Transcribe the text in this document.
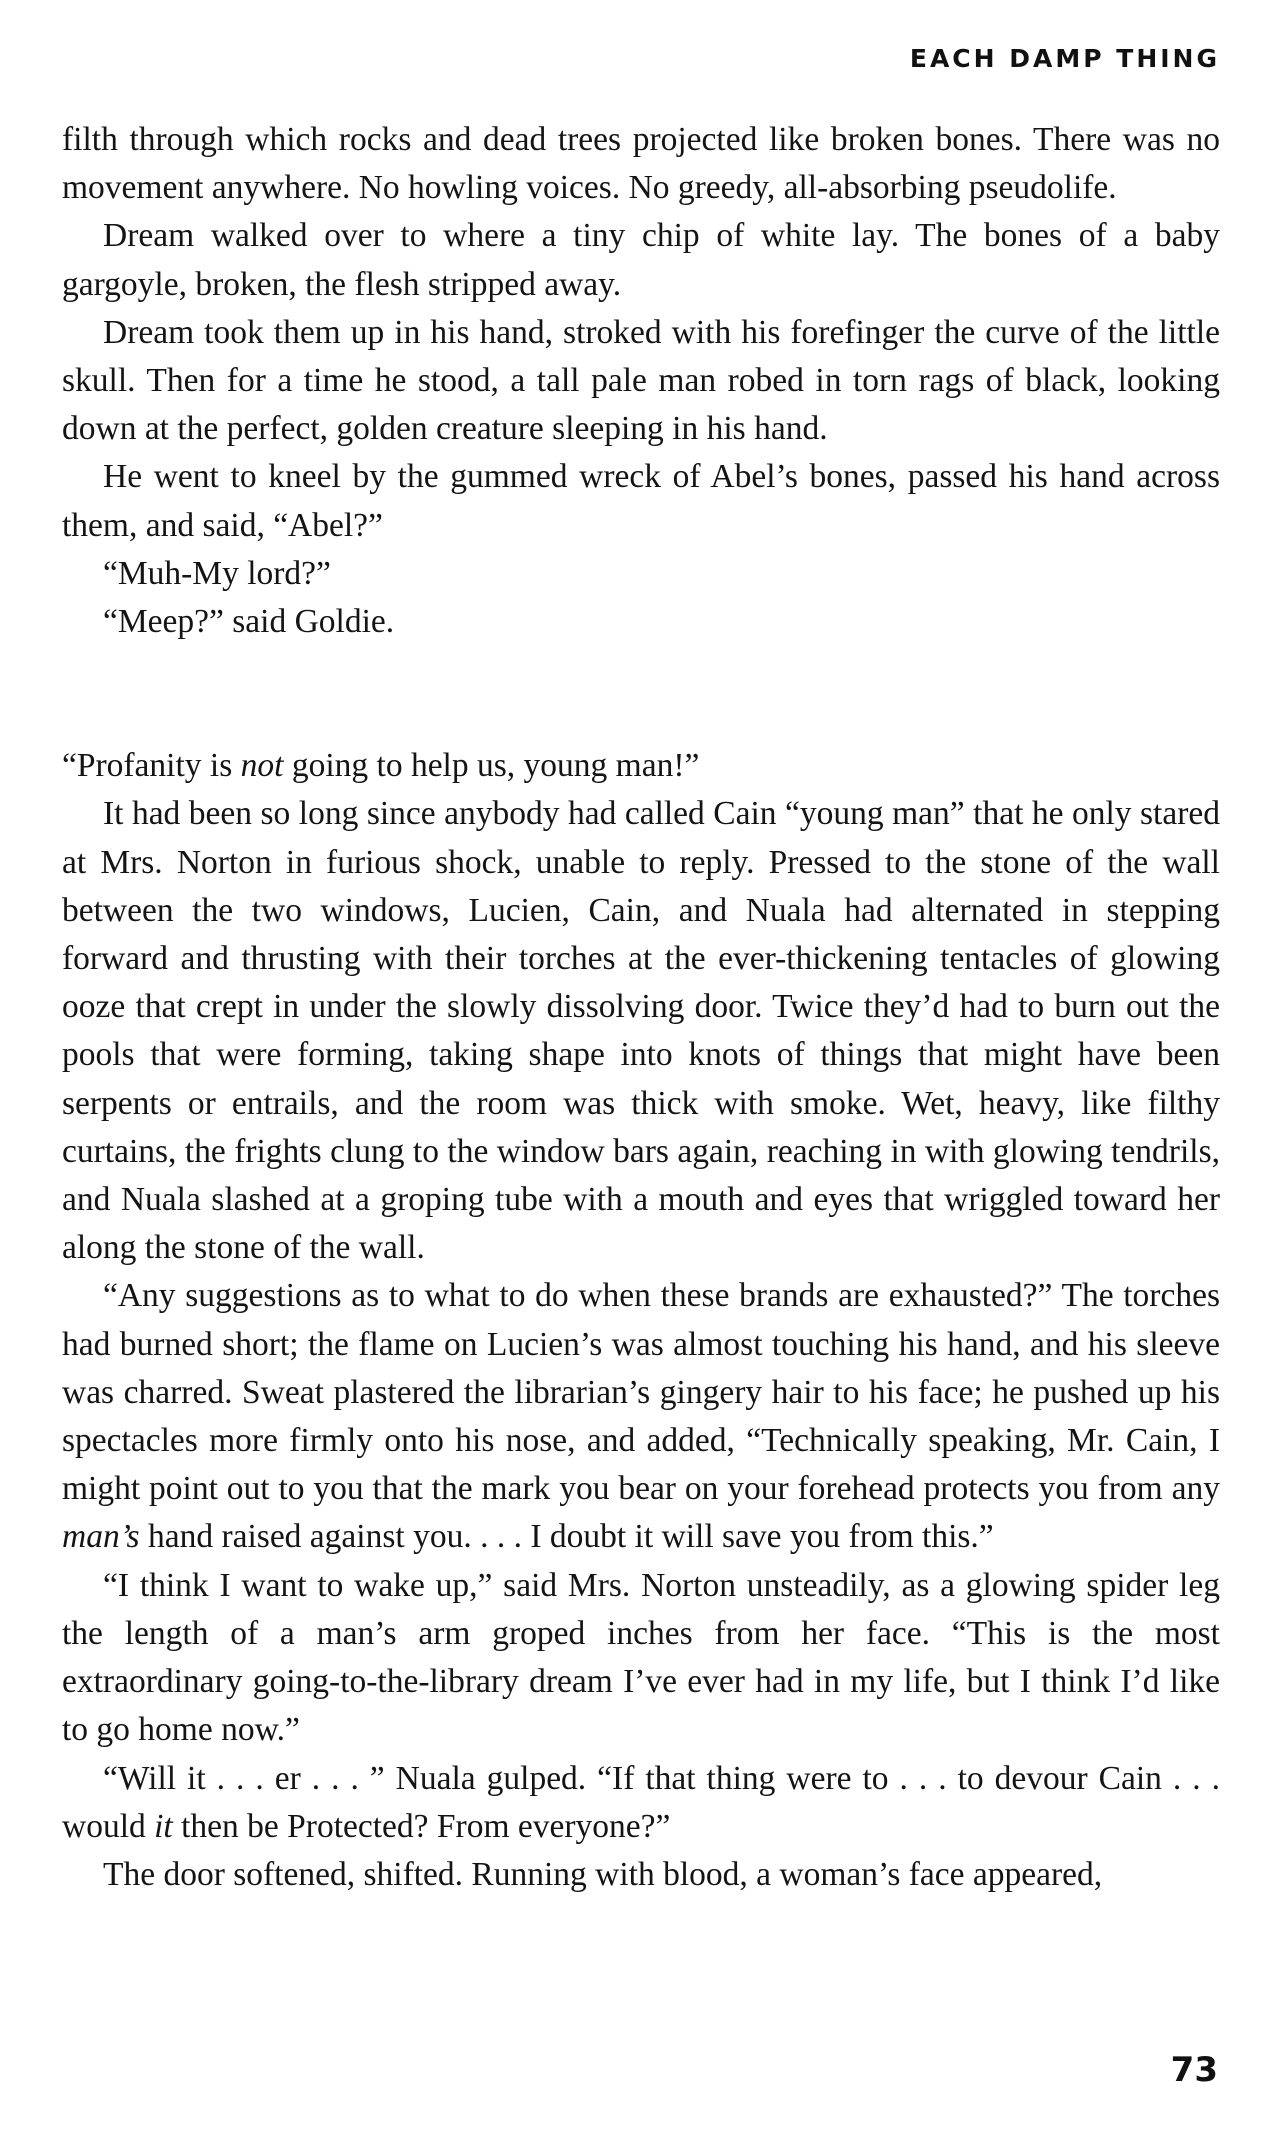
EACH DAMP THING

filth through which rocks and dead trees projected like broken bones. There was no movement anywhere. No howling voices. No greedy, all-absorbing pseudolife.

Dream walked over to where a tiny chip of white lay. The bones of a baby gargoyle, broken, the flesh stripped away.

Dream took them up in his hand, stroked with his forefinger the curve of the little skull. Then for a time he stood, a tall pale man robed in torn rags of black, looking down at the perfect, golden creature sleeping in his hand.

He went to kneel by the gummed wreck of Abel’s bones, passed his hand across them, and said, “Abel?”

“Muh-My lord?”

“Meep?” said Goldie.

“Profanity is not going to help us, young man!”

It had been so long since anybody had called Cain “young man” that he only stared at Mrs. Norton in furious shock, unable to reply. Pressed to the stone of the wall between the two windows, Lucien, Cain, and Nuala had alternated in stepping forward and thrusting with their torches at the ever-thickening tentacles of glowing ooze that crept in under the slowly dissolving door. Twice they’d had to burn out the pools that were forming, taking shape into knots of things that might have been serpents or entrails, and the room was thick with smoke. Wet, heavy, like filthy curtains, the frights clung to the window bars again, reaching in with glowing tendrils, and Nuala slashed at a groping tube with a mouth and eyes that wriggled toward her along the stone of the wall.

“Any suggestions as to what to do when these brands are exhausted?” The torches had burned short; the flame on Lucien’s was almost touching his hand, and his sleeve was charred. Sweat plastered the librarian’s gingery hair to his face; he pushed up his spectacles more firmly onto his nose, and added, “Technically speaking, Mr. Cain, I might point out to you that the mark you bear on your forehead protects you from any man’s hand raised against you. . . . I doubt it will save you from this.”

“I think I want to wake up,” said Mrs. Norton unsteadily, as a glowing spider leg the length of a man’s arm groped inches from her face. “This is the most extraordinary going-to-the-library dream I’ve ever had in my life, but I think I’d like to go home now.”

“Will it . . . er . . . ” Nuala gulped. “If that thing were to . . . to devour Cain . . . would it then be Protected? From everyone?”

The door softened, shifted. Running with blood, a woman’s face appeared,

73
